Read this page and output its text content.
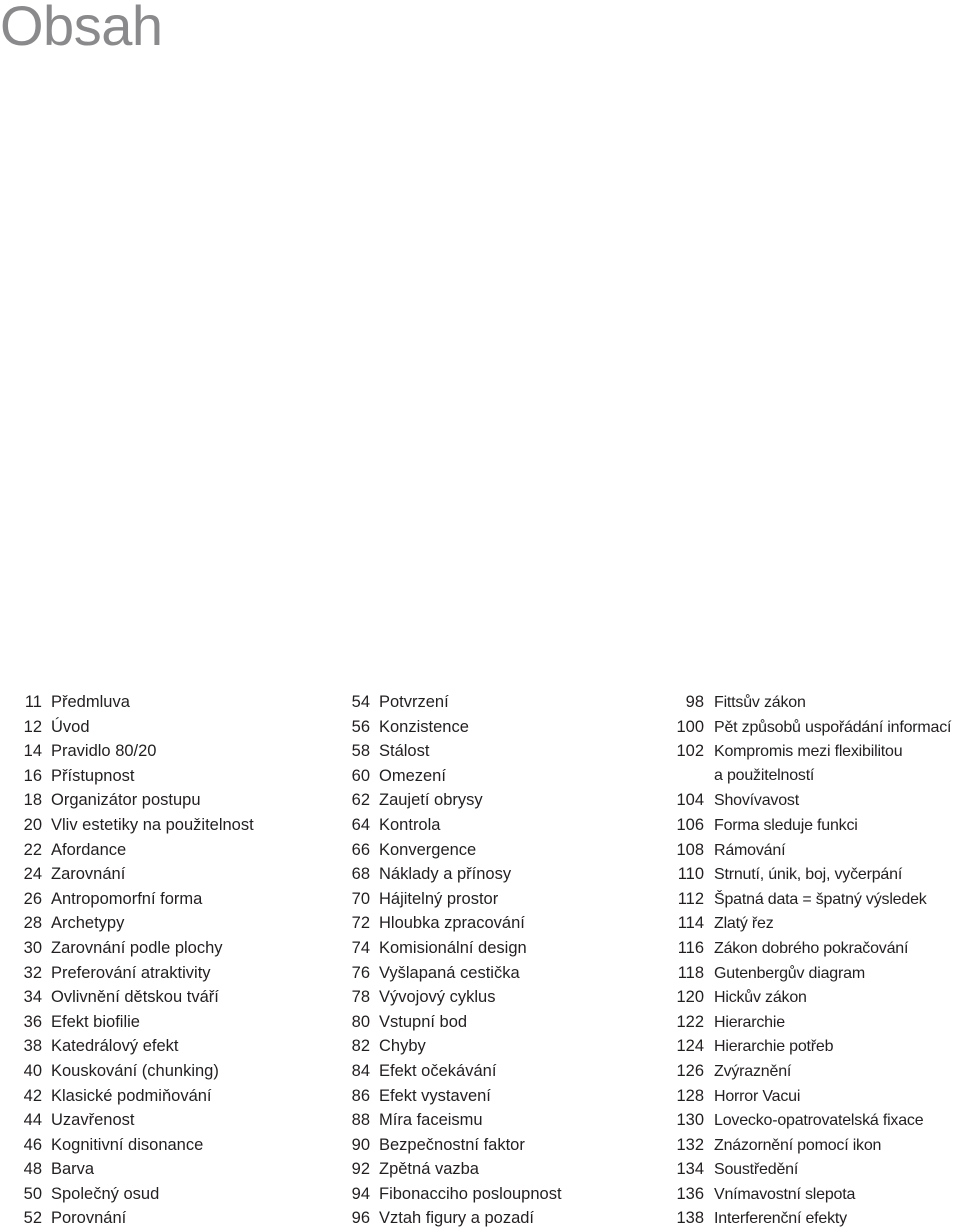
Obsah
11 Předmluva
12 Úvod
14 Pravidlo 80/20
16 Přístupnost
18 Organizátor postupu
20 Vliv estetiky na použitelnost
22 Afordance
24 Zarovnání
26 Antropomorfní forma
28 Archetypy
30 Zarovnání podle plochy
32 Preferování atraktivity
34 Ovlivnění dětskou tváří
36 Efekt biofilie
38 Katedrálový efekt
40 Kouskování (chunking)
42 Klasické podmiňování
44 Uzavřenost
46 Kognitivní disonance
48 Barva
50 Společný osud
52 Porovnání
54 Potvrzení
56 Konzistence
58 Stálost
60 Omezení
62 Zaujetí obrysy
64 Kontrola
66 Konvergence
68 Náklady a přínosy
70 Hájitelný prostor
72 Hloubka zpracování
74 Komisionální design
76 Vyšlapaná cestička
78 Vývojový cyklus
80 Vstupní bod
82 Chyby
84 Efekt očekávání
86 Efekt vystavení
88 Míra faceismu
90 Bezpečnostní faktor
92 Zpětná vazba
94 Fibonacciho posloupnost
96 Vztah figury a pozadí
98 Fittsův zákon
100 Pět způsobů uspořádání informací
102 Kompromis mezi flexibilitou
a použitelností
104 Shovívavost
106 Forma sleduje funkci
108 Rámování
110 Strnutí, únik, boj, vyčerpání
112 Špatná data = špatný výsledek
114 Zlatý řez
116 Zákon dobrého pokračování
118 Gutenbergův diagram
120 Hickův zákon
122 Hierarchie
124 Hierarchie potřeb
126 Zvýraznění
128 Horror Vacui
130 Lovecko-opatrovatelská fixace
132 Znázornění pomocí ikon
134 Soustředění
136 Vnímavostní slepota
138 Interferenční efekty
